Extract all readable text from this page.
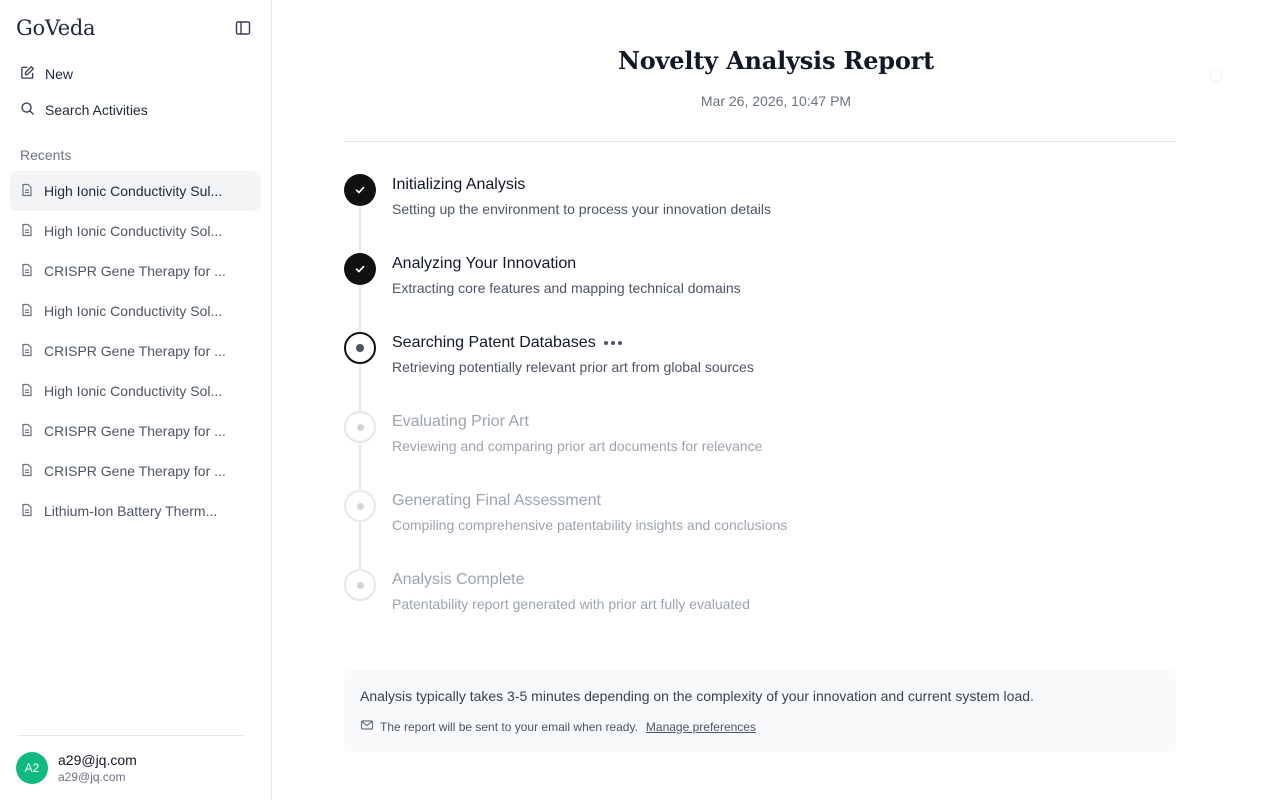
GoVeda
New
Search Activities
Recents
High Ionic Conductivity Sul...
High Ionic Conductivity Sol...
CRISPR Gene Therapy for ...
High Ionic Conductivity Sol...
CRISPR Gene Therapy for ...
High Ionic Conductivity Sol...
CRISPR Gene Therapy for ...
CRISPR Gene Therapy for ...
Lithium-Ion Battery Therm...
A2
a29@jq.com
a29@jq.com
Novelty Analysis Report
Mar 26, 2026, 10:47 PM
Initializing Analysis
Setting up the environment to process your innovation details
Analyzing Your Innovation
Extracting core features and mapping technical domains
Searching Patent Databases
Retrieving potentially relevant prior art from global sources
Evaluating Prior Art
Reviewing and comparing prior art documents for relevance
Generating Final Assessment
Compiling comprehensive patentability insights and conclusions
Analysis Complete
Patentability report generated with prior art fully evaluated
Analysis typically takes 3-5 minutes depending on the complexity of your innovation and current system load.
The report will be sent to your email when ready. Manage preferences
